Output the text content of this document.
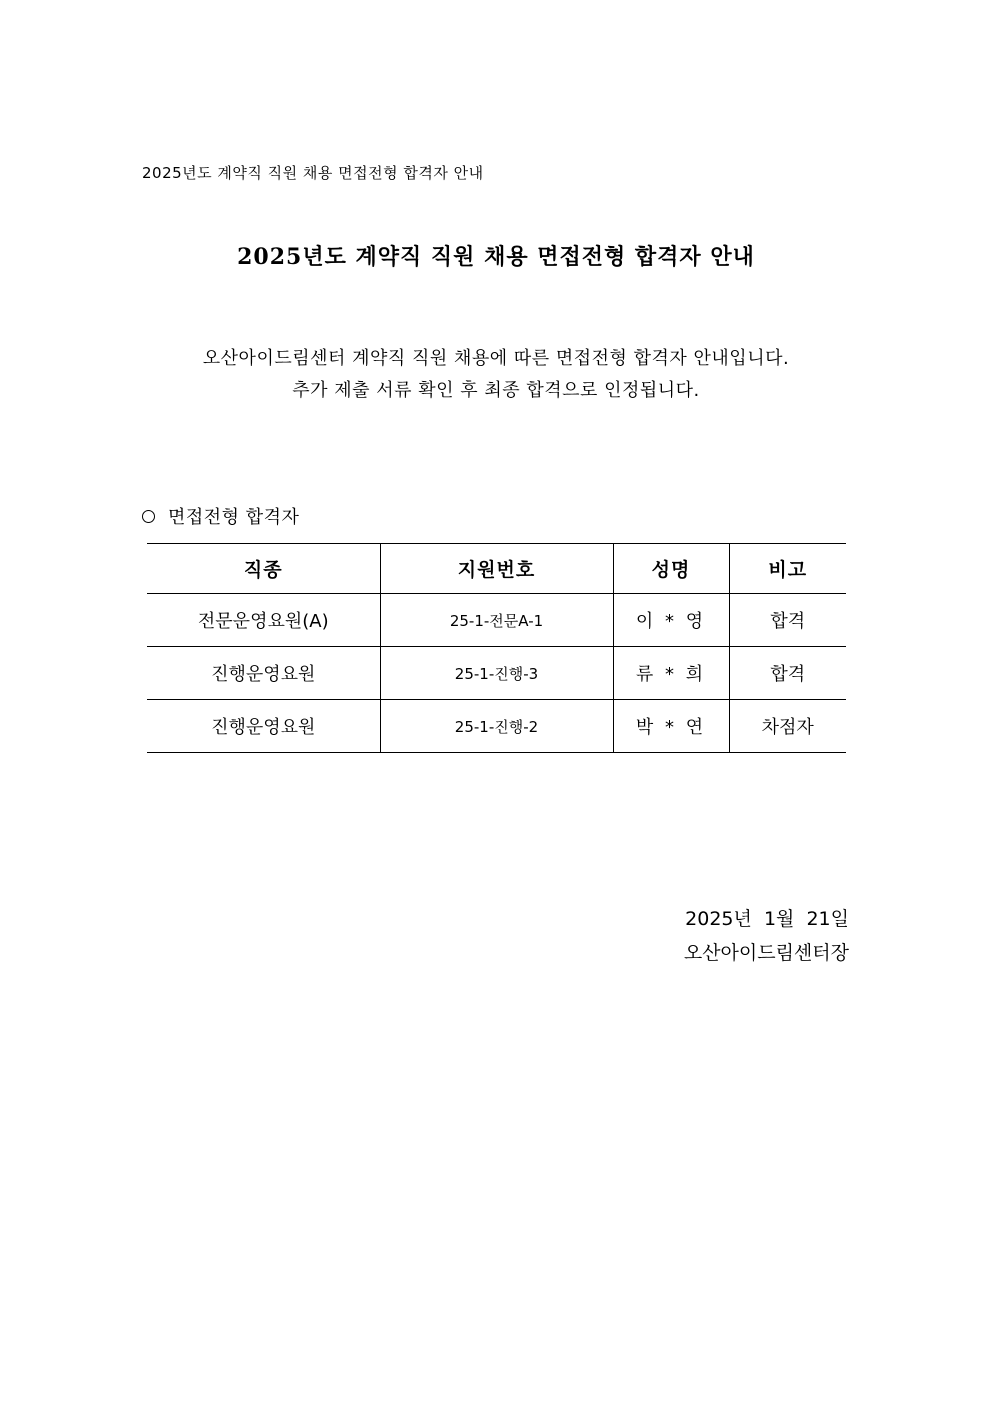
2025년도 계약직 직원 채용 면접전형 합격자 안내
2025년도 계약직 직원 채용 면접전형 합격자 안내
오산아이드림센터 계약직 직원 채용에 따른 면접전형 합격자 안내입니다.
추가 제출 서류 확인 후 최종 합격으로 인정됩니다.
면접전형 합격자
직종	지원번호	성명	비고
전문운영요원(A)	25-1-전문A-1	이 * 영	합격
진행운영요원	25-1-진행-3	류 * 희	합격
진행운영요원	25-1-진행-2	박 * 연	차점자
2025년  1월  21일
오산아이드림센터장
